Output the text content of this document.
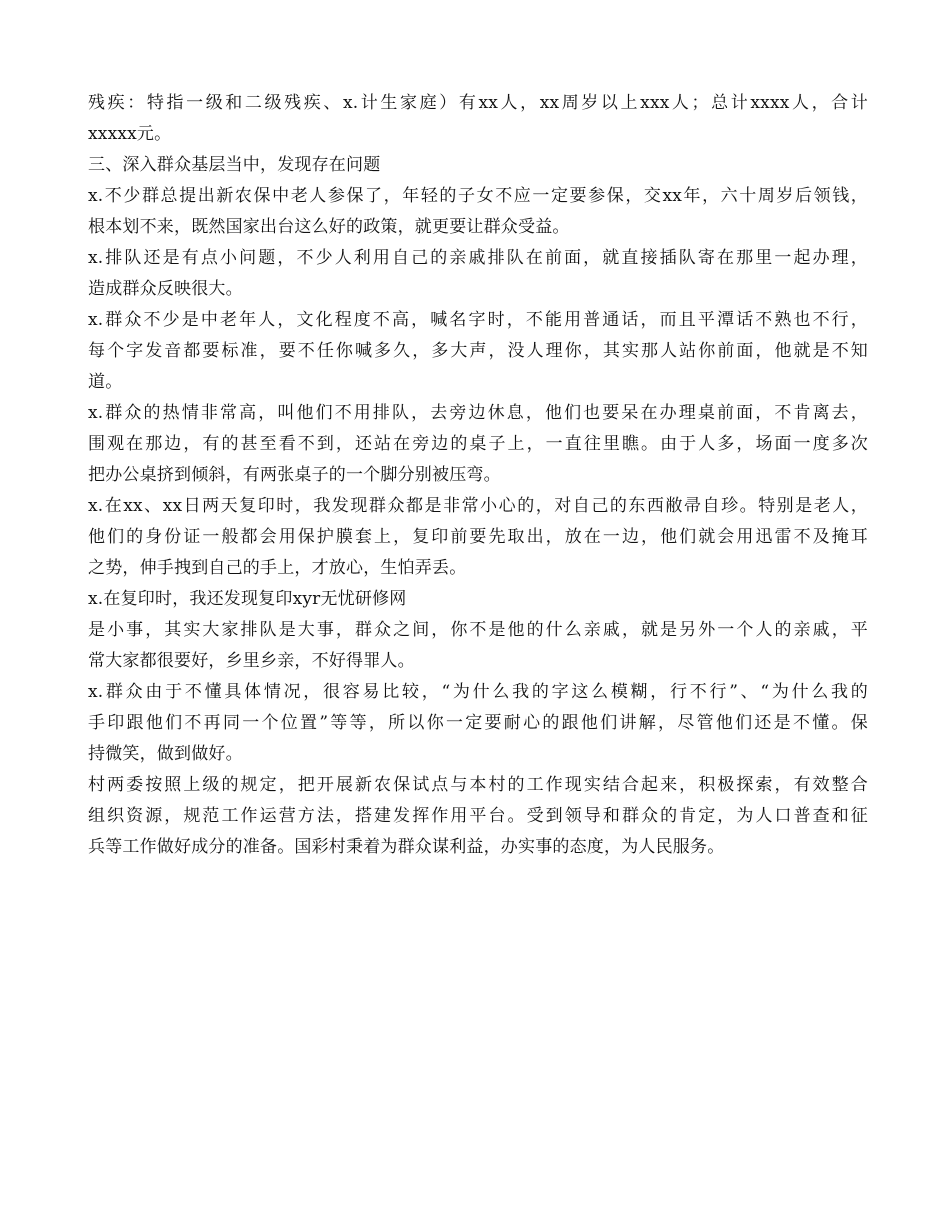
残疾：特指一级和二级残疾、x.计生家庭）有xx人，xx周岁以上xxx人；总计xxxx人，合计
xxxxx元。
三、深入群众基层当中，发现存在问题
x.不少群总提出新农保中老人参保了，年轻的子女不应一定要参保，交xx年，六十周岁后领钱，
根本划不来，既然国家出台这么好的政策，就更要让群众受益。
x.排队还是有点小问题，不少人利用自己的亲戚排队在前面，就直接插队寄在那里一起办理，
造成群众反映很大。
x.群众不少是中老年人，文化程度不高，喊名字时，不能用普通话，而且平潭话不熟也不行，
每个字发音都要标准，要不任你喊多久，多大声，没人理你，其实那人站你前面，他就是不知
道。
x.群众的热情非常高，叫他们不用排队，去旁边休息，他们也要呆在办理桌前面，不肯离去，
围观在那边，有的甚至看不到，还站在旁边的桌子上，一直往里瞧。由于人多，场面一度多次
把办公桌挤到倾斜，有两张桌子的一个脚分别被压弯。
x.在xx、xx日两天复印时，我发现群众都是非常小心的，对自己的东西敝帚自珍。特别是老人，
他们的身份证一般都会用保护膜套上，复印前要先取出，放在一边，他们就会用迅雷不及掩耳
之势，伸手拽到自己的手上，才放心，生怕弄丢。
x.在复印时，我还发现复印xyr无忧研修网
是小事，其实大家排队是大事，群众之间，你不是他的什么亲戚，就是另外一个人的亲戚，平
常大家都很要好，乡里乡亲，不好得罪人。
x.群众由于不懂具体情况，很容易比较，“为什么我的字这么模糊，行不行”、“为什么我的
手印跟他们不再同一个位置”等等，所以你一定要耐心的跟他们讲解，尽管他们还是不懂。保
持微笑，做到做好。
村两委按照上级的规定，把开展新农保试点与本村的工作现实结合起来，积极探索，有效整合
组织资源，规范工作运营方法，搭建发挥作用平台。受到领导和群众的肯定，为人口普查和征
兵等工作做好成分的准备。国彩村秉着为群众谋利益，办实事的态度，为人民服务。
